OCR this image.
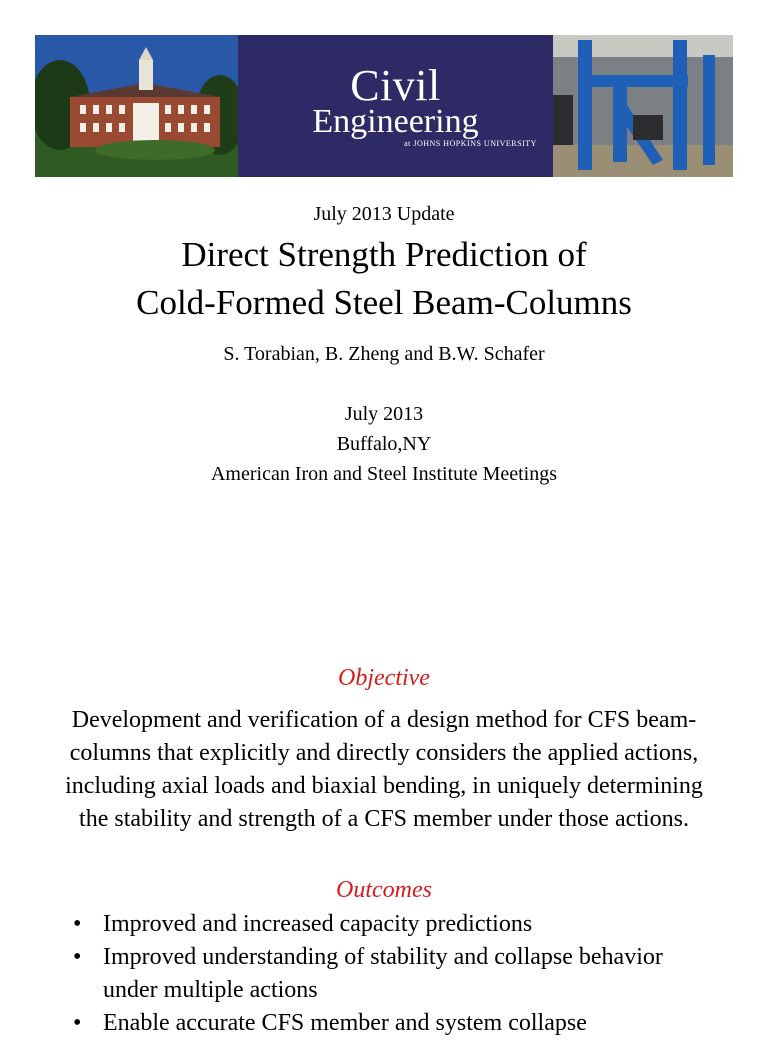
Civil
Engineering
at JOHNS HOPKINS UNIVERSITY
July 2013 Update
Direct Strength Prediction of
Cold-Formed Steel Beam-Columns
S. Torabian, B. Zheng and B.W. Schafer
July 2013
Buffalo,NY
American Iron and Steel Institute Meetings
Objective
Development and verification of a design method for CFS beam-columns that explicitly and directly considers the applied actions, including axial loads and biaxial bending, in uniquely determining the stability and strength of a CFS member under those actions.
Outcomes
• Improved and increased capacity predictions
• Improved understanding of stability and collapse behavior under multiple actions
• Enable accurate CFS member and system collapse
